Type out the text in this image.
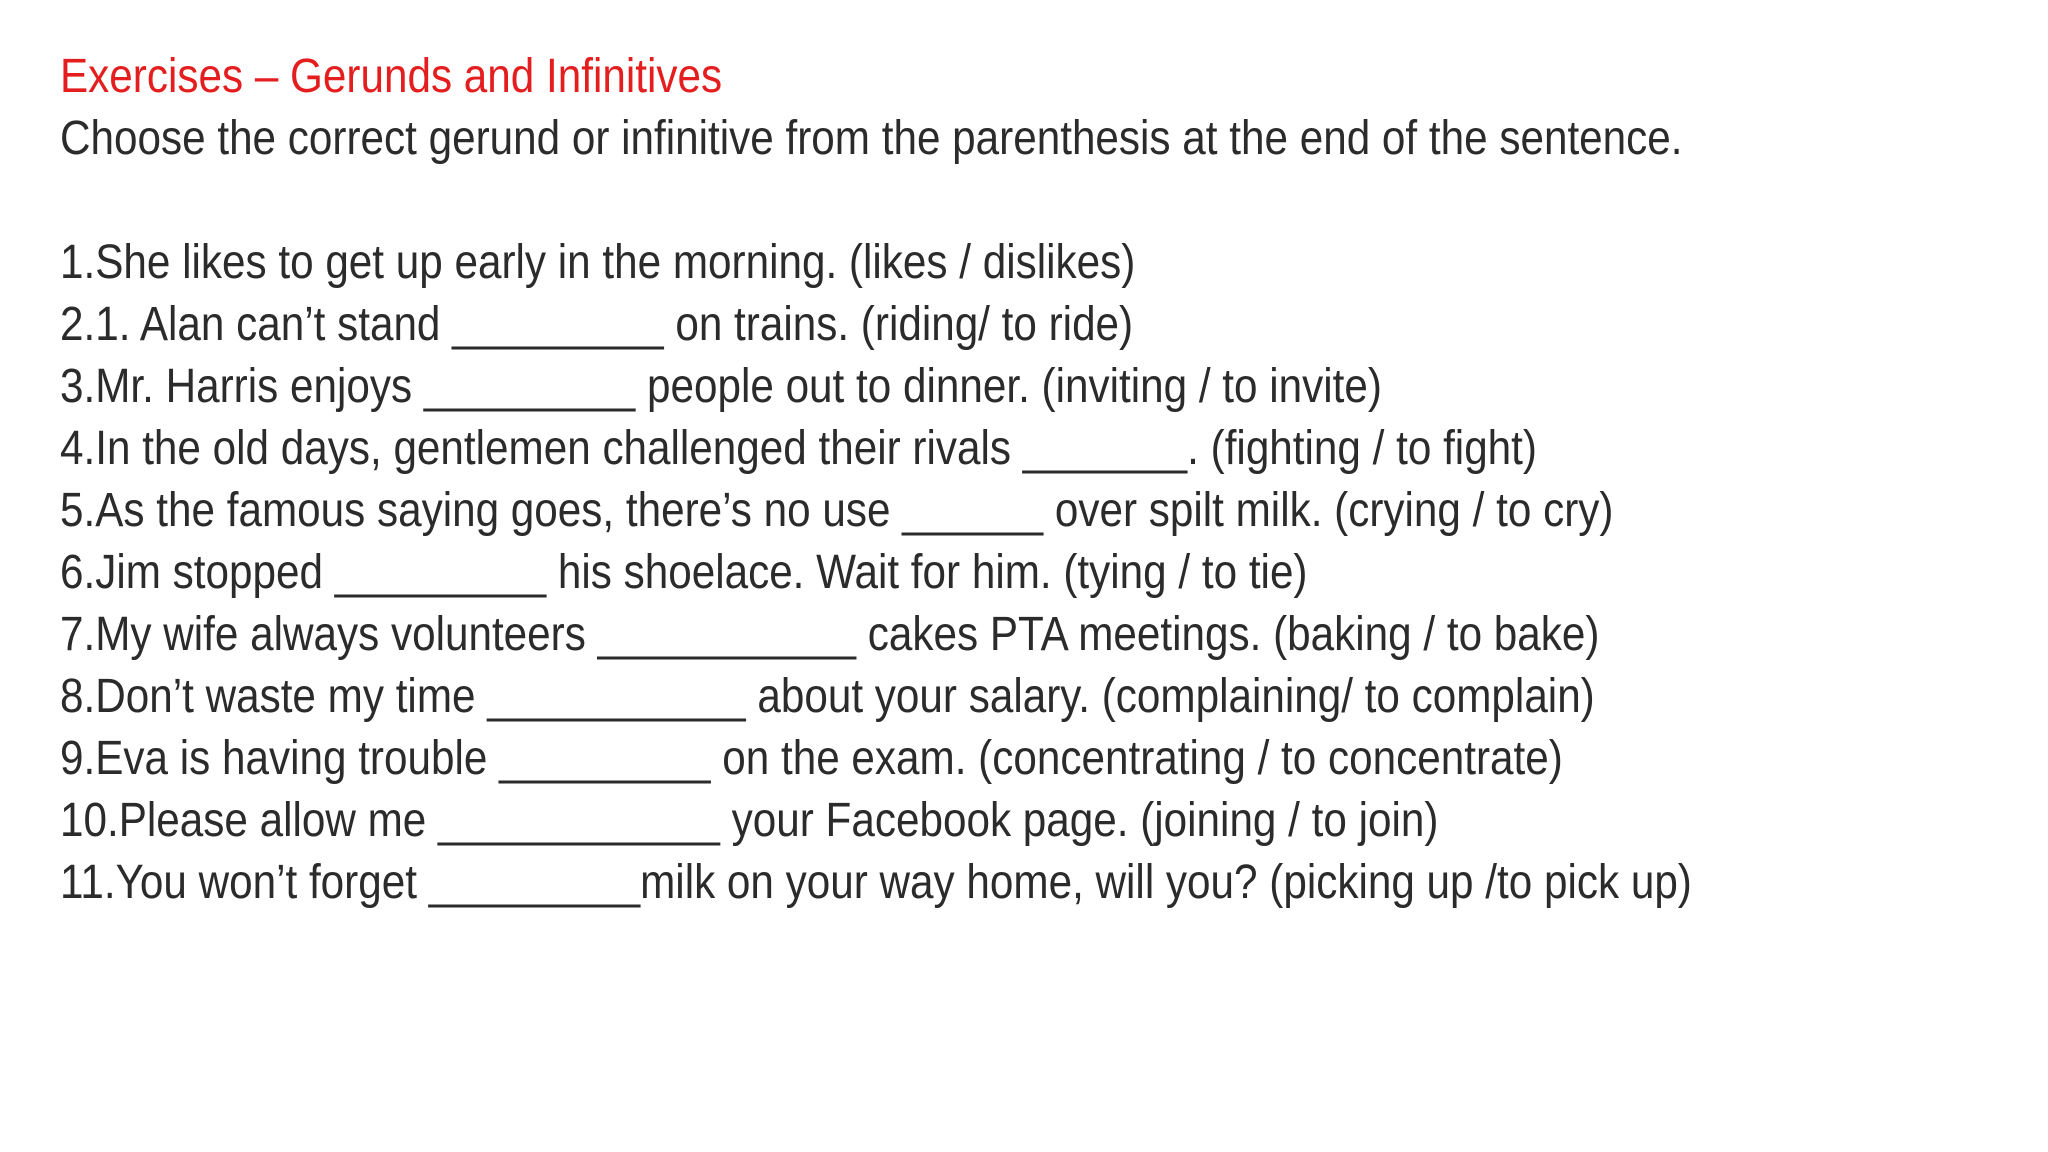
Exercises – Gerunds and Infinitives
Choose the correct gerund or infinitive from the parenthesis at the end of the sentence.
1.She likes to get up early in the morning. (likes / dislikes)
2.1. Alan can’t stand _________ on trains. (riding/ to ride)
3.Mr. Harris enjoys _________ people out to dinner. (inviting / to invite)
4.In the old days, gentlemen challenged their rivals _______. (fighting / to fight)
5.As the famous saying goes, there’s no use ______ over spilt milk. (crying / to cry)
6.Jim stopped _________ his shoelace. Wait for him. (tying / to tie)
7.My wife always volunteers ___________ cakes PTA meetings. (baking / to bake)
8.Don’t waste my time ___________ about your salary. (complaining/ to complain)
9.Eva is having trouble _________ on the exam. (concentrating / to concentrate)
10.Please allow me ____________ your Facebook page. (joining / to join)
11.You won’t forget _________milk on your way home, will you? (picking up /to pick up)
